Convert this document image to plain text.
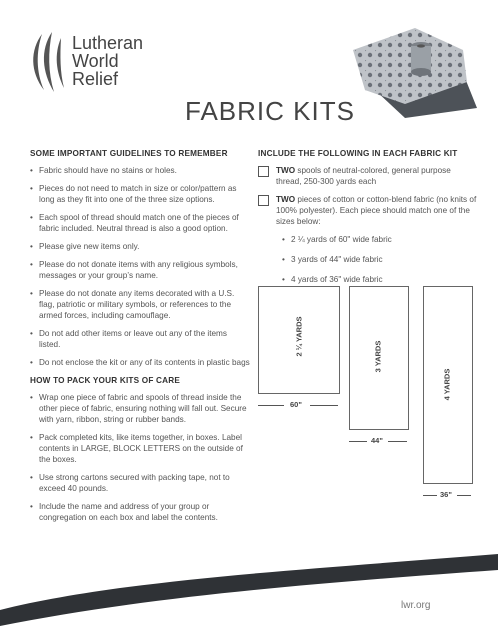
Lutheran
World
Relief
FABRIC KITS
SOME IMPORTANT GUIDELINES TO REMEMBER
• Fabric should have no stains or holes.
• Pieces do not need to match in size or color/pattern as long as they fit into one of the three size options.
• Each spool of thread should match one of the pieces of fabric included. Neutral thread is also a good option.
• Please give new items only.
• Please do not donate items with any religious symbols, messages or your group’s name.
• Please do not donate any items decorated with a U.S. flag, patriotic or military symbols, or references to the armed forces, including camouflage.
• Do not add other items or leave out any of the items listed.
• Do not enclose the kit or any of its contents in plastic bags
HOW TO PACK YOUR KITS OF CARE
• Wrap one piece of fabric and spools of thread inside the other piece of fabric, ensuring nothing will fall out. Secure with yarn, ribbon, string or rubber bands.
• Pack completed kits, like items together, in boxes. Label contents in LARGE, BLOCK LETTERS on the outside of the boxes.
• Use strong cartons secured with packing tape, not to exceed 40 pounds.
• Include the name and address of your group or congregation on each box and label the contents.
INCLUDE THE FOLLOWING IN EACH FABRIC KIT
TWO spools of neutral-colored, general purpose thread, 250-300 yards each
TWO pieces of cotton or cotton-blend fabric (no knits of 100% polyester). Each piece should match one of the sizes below:
• 2 ¼ yards of 60" wide fabric
• 3 yards of 44" wide fabric
• 4 yards of 36" wide fabric
2 ¼ YARDS
60"
3 YARDS
44"
4 YARDS
36"
lwr.org
